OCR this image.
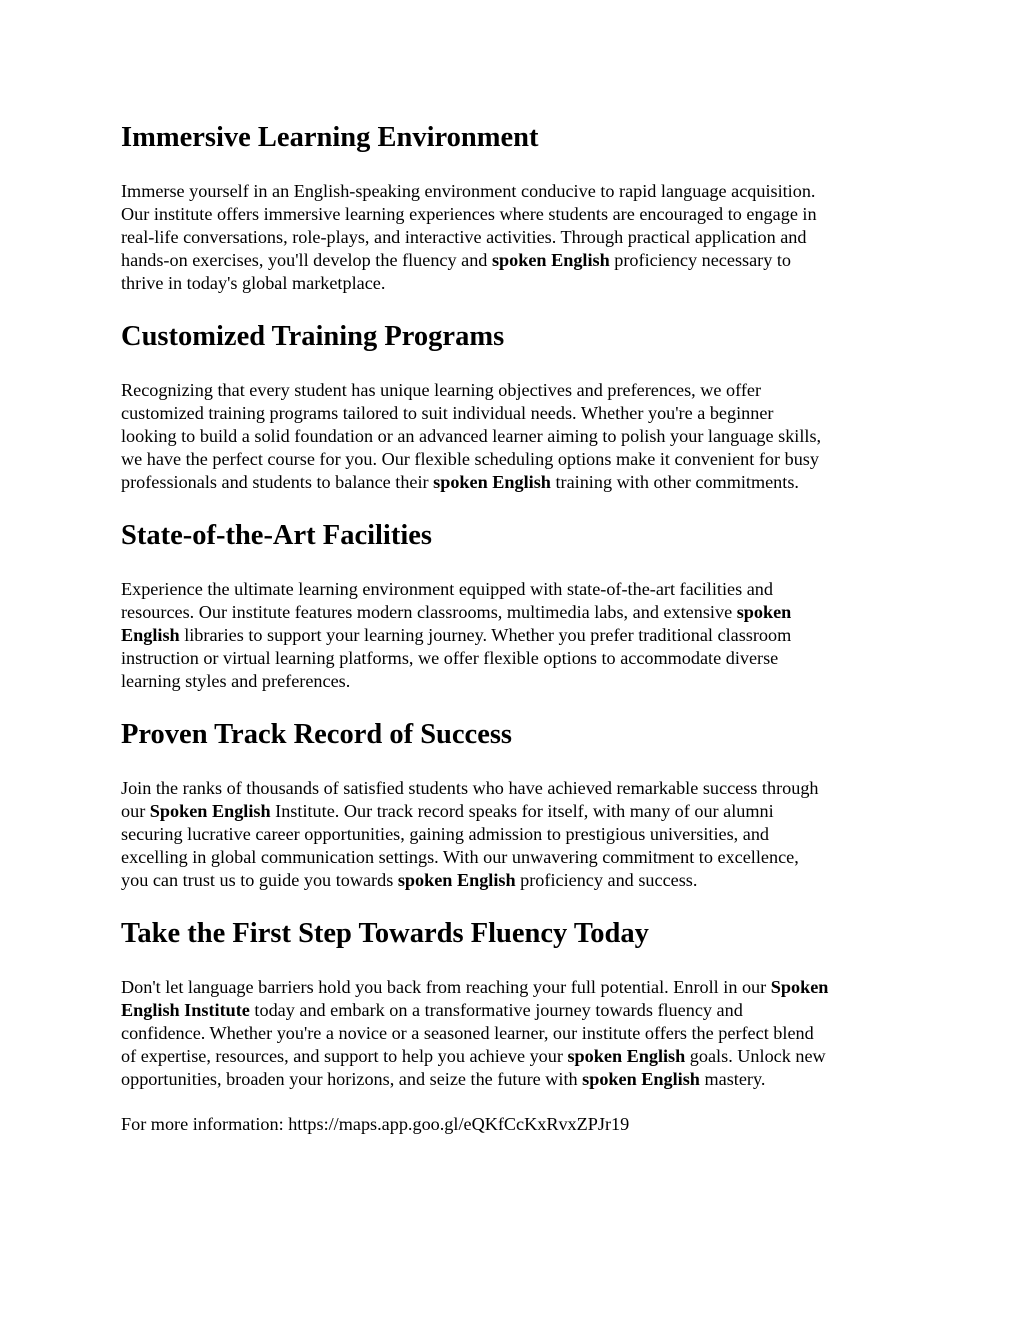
Immersive Learning Environment

Immerse yourself in an English-speaking environment conducive to rapid language acquisition.
Our institute offers immersive learning experiences where students are encouraged to engage in
real-life conversations, role-plays, and interactive activities. Through practical application and
hands-on exercises, you'll develop the fluency and spoken English proficiency necessary to
thrive in today's global marketplace.

Customized Training Programs

Recognizing that every student has unique learning objectives and preferences, we offer
customized training programs tailored to suit individual needs. Whether you're a beginner
looking to build a solid foundation or an advanced learner aiming to polish your language skills,
we have the perfect course for you. Our flexible scheduling options make it convenient for busy
professionals and students to balance their spoken English training with other commitments.

State-of-the-Art Facilities

Experience the ultimate learning environment equipped with state-of-the-art facilities and
resources. Our institute features modern classrooms, multimedia labs, and extensive spoken
English libraries to support your learning journey. Whether you prefer traditional classroom
instruction or virtual learning platforms, we offer flexible options to accommodate diverse
learning styles and preferences.

Proven Track Record of Success

Join the ranks of thousands of satisfied students who have achieved remarkable success through
our Spoken English Institute. Our track record speaks for itself, with many of our alumni
securing lucrative career opportunities, gaining admission to prestigious universities, and
excelling in global communication settings. With our unwavering commitment to excellence,
you can trust us to guide you towards spoken English proficiency and success.

Take the First Step Towards Fluency Today

Don't let language barriers hold you back from reaching your full potential. Enroll in our Spoken
English Institute today and embark on a transformative journey towards fluency and
confidence. Whether you're a novice or a seasoned learner, our institute offers the perfect blend
of expertise, resources, and support to help you achieve your spoken English goals. Unlock new
opportunities, broaden your horizons, and seize the future with spoken English mastery.

For more information: https://maps.app.goo.gl/eQKfCcKxRvxZPJr19
